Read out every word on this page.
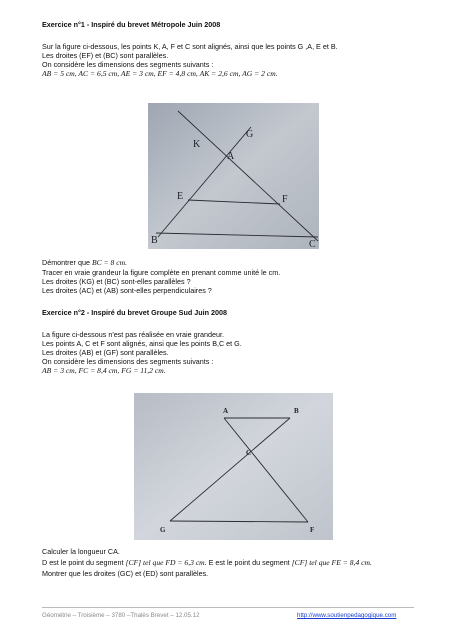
Exercice n°1 - Inspiré du brevet Métropole Juin 2008
Sur la figure ci-dessous, les points K, A, F et C sont alignés, ainsi que les points G ,A, E et B.
Les droites (EF) et (BC) sont parallèles.
On considère les dimensions des segments suivants :
AB = 5 cm, AC = 6,5 cm, AE = 3 cm, EF = 4,8 cm, AK = 2,6 cm, AG = 2 cm.
K
G
A
E	F
B	C
Démontrer que BC = 8 cm.
Tracer en vraie grandeur la figure complète en prenant comme unité le cm.
Les droites (KG) et (BC) sont-elles parallèles ?
Les droites (AC) et (AB) sont-elles perpendiculaires ?
Exercice n°2 - Inspiré du brevet Groupe Sud Juin 2008
La figure ci-dessous n'est pas réalisée en vraie grandeur.
Les points A, C et F sont alignés, ainsi que les points B,C et G.
Les droites (AB) et (GF) sont parallèles.
On considère les dimensions des segments suivants :
AB = 3 cm, FC = 8,4 cm, FG = 11,2 cm.
A	B
C
G	F
Calculer la longueur CA.
D est le point du segment [CF] tel que FD = 6,3 cm. E est le point du segment [CF] tel que FE = 8,4 cm.
Montrer que les droites (GC) et (ED) sont parallèles.
Géométrie – Troisième – 3780 –Thalès Brevet – 12.05.12	http://www.soutienpedagogique.com
